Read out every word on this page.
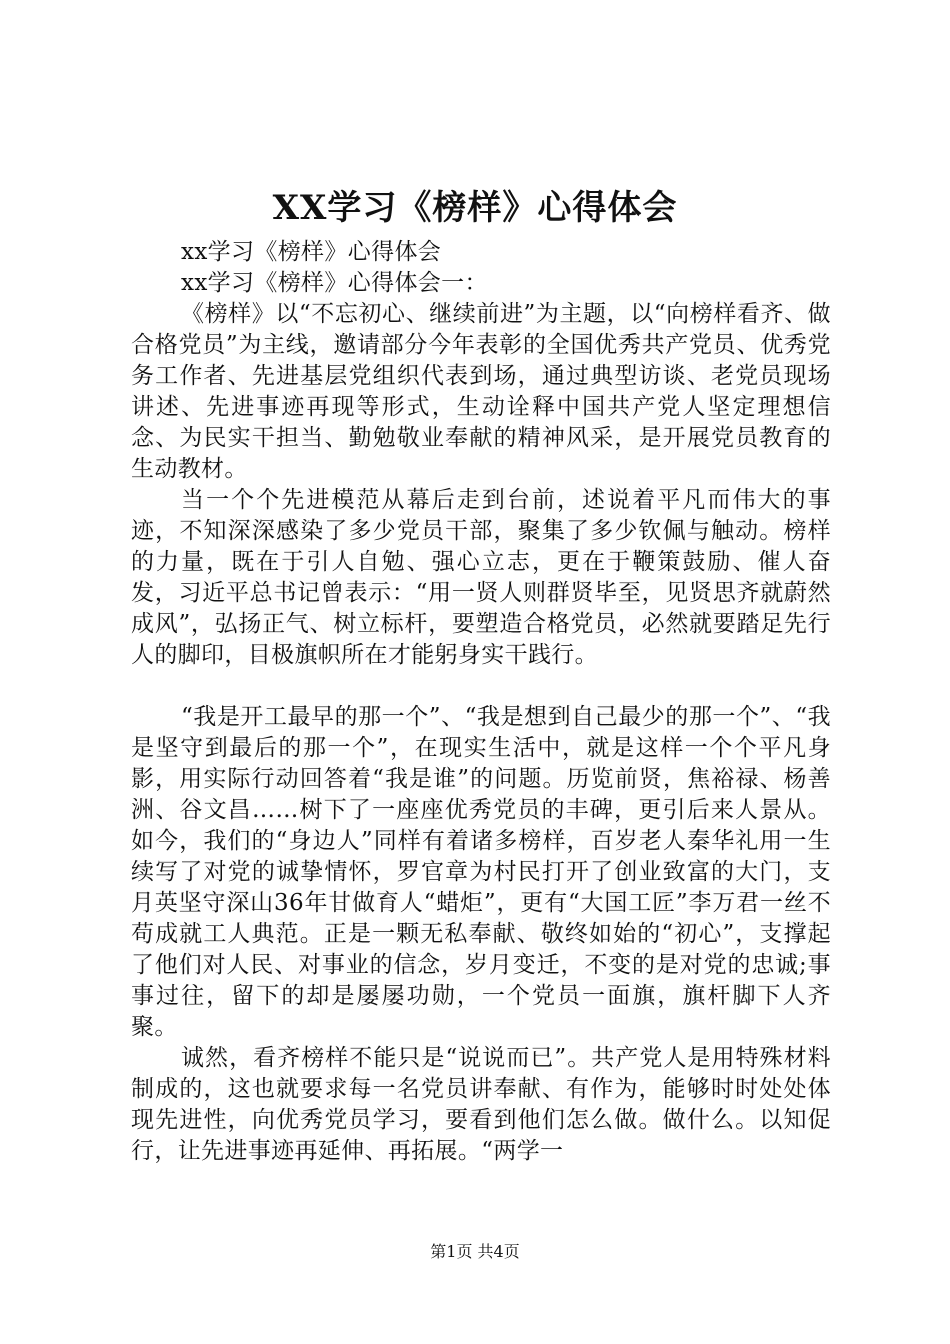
XX学习《榜样》心得体会

xx学习《榜样》心得体会

xx学习《榜样》心得体会一：

《榜样》以“不忘初心、继续前进”为主题，以“向榜样看齐、做合格党员”为主线，邀请部分今年表彰的全国优秀共产党员、优秀党务工作者、先进基层党组织代表到场，通过典型访谈、老党员现场讲述、先进事迹再现等形式，生动诠释中国共产党人坚定理想信念、为民实干担当、勤勉敬业奉献的精神风采，是开展党员教育的生动教材。

当一个个先进模范从幕后走到台前，述说着平凡而伟大的事迹，不知深深感染了多少党员干部，聚集了多少钦佩与触动。榜样的力量，既在于引人自勉、强心立志，更在于鞭策鼓励、催人奋发，习近平总书记曾表示：“用一贤人则群贤毕至，见贤思齐就蔚然成风”，弘扬正气、树立标杆，要塑造合格党员，必然就要踏足先行人的脚印，目极旗帜所在才能躬身实干践行。

“我是开工最早的那一个”、“我是想到自己最少的那一个”、“我是坚守到最后的那一个”，在现实生活中，就是这样一个个平凡身影，用实际行动回答着“我是谁”的问题。历览前贤，焦裕禄、杨善洲、谷文昌……树下了一座座优秀党员的丰碑，更引后来人景从。如今，我们的“身边人”同样有着诸多榜样，百岁老人秦华礼用一生续写了对党的诚挚情怀，罗官章为村民打开了创业致富的大门，支月英坚守深山36年甘做育人“蜡炬”，更有“大国工匠”李万君一丝不苟成就工人典范。正是一颗无私奉献、敬终如始的“初心”，支撑起了他们对人民、对事业的信念，岁月变迁，不变的是对党的忠诚;事事过往，留下的却是屡屡功勋，一个党员一面旗，旗杆脚下人齐聚。

诚然，看齐榜样不能只是“说说而已”。共产党人是用特殊材料制成的，这也就要求每一名党员讲奉献、有作为，能够时时处处体现先进性，向优秀党员学习，要看到他们怎么做。做什么。以知促行，让先进事迹再延伸、再拓展。“两学一

第1页 共4页
